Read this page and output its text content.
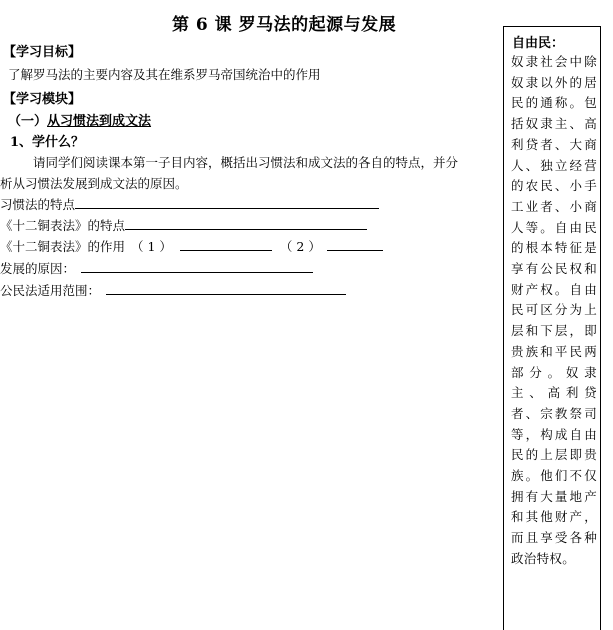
第 6 课 罗马法的起源与发展
【学习目标】
了解罗马法的主要内容及其在维系罗马帝国统治中的作用
【学习模块】
（一）从习惯法到成文法
1、学什么？
请同学们阅读课本第一子目内容，概括出习惯法和成文法的各自的特点，并分
析从习惯法发展到成文法的原因。
习惯法的特点
《十二铜表法》的特点
《十二铜表法》的作用 （ 1 ）	（ 2 ）
发展的原因：
公民法适用范围：
自由民：
奴隶社会中除奴隶以外的居民的通称。包括奴隶主、高利贷者、大商人、独立经营的农民、小手工业者、小商人等。自由民的根本特征是享有公民权和财产权。自由民可区分为上层和下层，即贵族和平民两部分。奴隶主、高利贷者、宗教祭司等，构成自由民的上层即贵族。他们不仅拥有大量地产和其他财产，而且享受各种政治特权。
